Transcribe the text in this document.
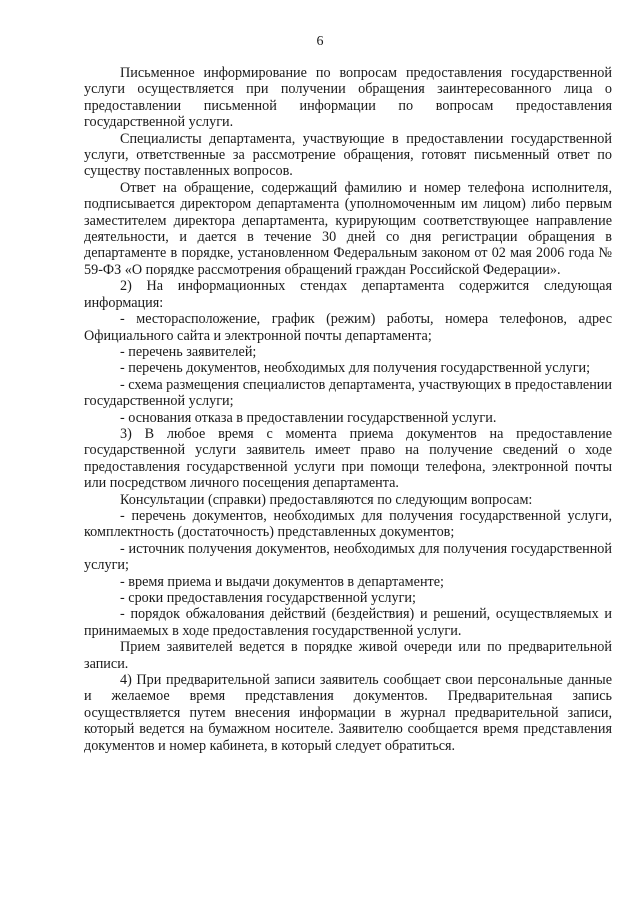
6

Письменное информирование по вопросам предоставления государственной услуги осуществляется при получении обращения заинтересованного лица о предоставлении письменной информации по вопросам предоставления государственной услуги.

Специалисты департамента, участвующие в предоставлении государственной услуги, ответственные за рассмотрение обращения, готовят письменный ответ по существу поставленных вопросов.

Ответ на обращение, содержащий фамилию и номер телефона исполнителя, подписывается директором департамента (уполномоченным им лицом) либо первым заместителем директора департамента, курирующим соответствующее направление деятельности, и дается в течение 30 дней со дня регистрации обращения в департаменте в порядке, установленном Федеральным законом от 02 мая 2006 года № 59-ФЗ «О порядке рассмотрения обращений граждан Российской Федерации».

2) На информационных стендах департамента содержится следующая информация:

- месторасположение, график (режим) работы, номера телефонов, адрес Официального сайта и электронной почты департамента;

- перечень заявителей;

- перечень документов, необходимых для получения государственной услуги;

- схема размещения специалистов департамента, участвующих в предоставлении государственной услуги;

- основания отказа в предоставлении государственной услуги.

3) В любое время с момента приема документов на предоставление государственной услуги заявитель имеет право на получение сведений о ходе предоставления государственной услуги при помощи телефона, электронной почты или посредством личного посещения департамента.

Консультации (справки) предоставляются по следующим вопросам:

- перечень документов, необходимых для получения государственной услуги, комплектность (достаточность) представленных документов;

- источник получения документов, необходимых для получения государственной услуги;

- время приема и выдачи документов в департаменте;

- сроки предоставления государственной услуги;

- порядок обжалования действий (бездействия) и решений, осуществляемых и принимаемых в ходе предоставления государственной услуги.

Прием заявителей ведется в порядке живой очереди или по предварительной записи.

4) При предварительной записи заявитель сообщает свои персональные данные и желаемое время представления документов. Предварительная запись осуществляется путем внесения информации в журнал предварительной записи, который ведется на бумажном носителе. Заявителю сообщается время представления документов и номер кабинета, в который следует обратиться.
